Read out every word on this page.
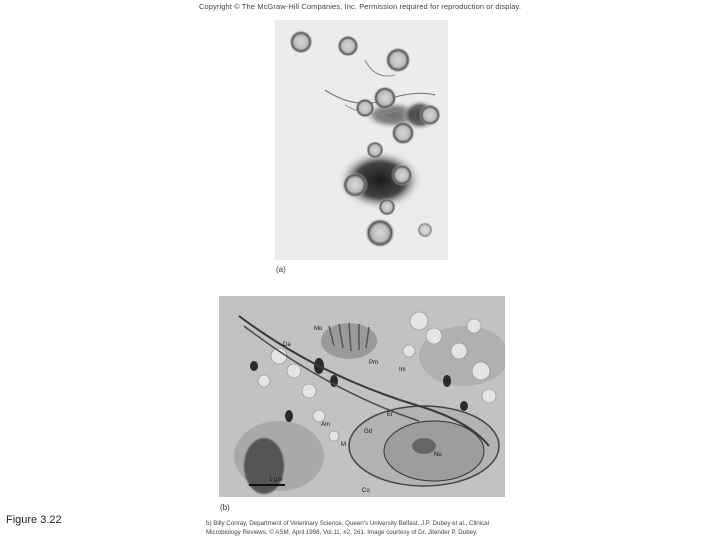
Copyright © The McGraw-Hill Companies, Inc. Permission required for reproduction or display.
(a)
Da
Mo
Pm
Im
Er
Am
M
Gd
Nu
Co
1 μm
(b)
Figure 3.22	b) Billy Conray, Department of Veterinary Science, Queen's University Belfast, J.P. Dubey et al., Clinical
Microbiology Reviews, © ASM, April 1998, Vol.11, #2, 261. Image courtesy of Dr. Jitender P. Dubey.
